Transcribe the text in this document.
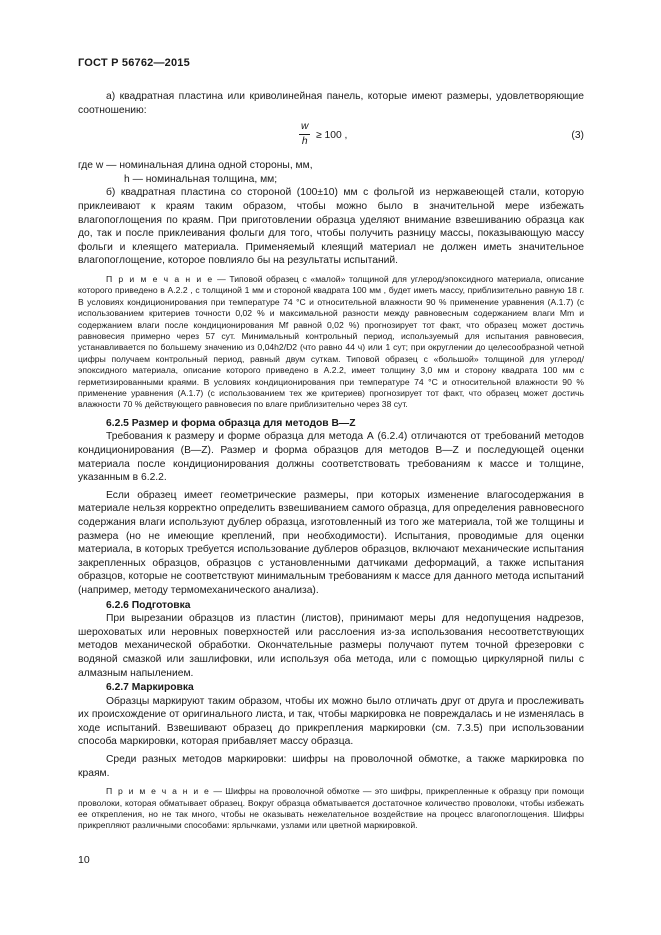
ГОСТ Р 56762—2015

а) квадратная пластина или криволинейная панель, которые имеют размеры, удовлетворяющие соотношению:

$\frac{w}{h} \ge 100$ ,	(3)

где w — номинальная длина одной стороны, мм,

h — номинальная толщина, мм;

б) квадратная пластина со стороной (100±10) мм с фольгой из нержавеющей стали, которую приклеивают к краям таким образом, чтобы можно было в значительной мере избежать влагопоглощения по краям. При приготовлении образца уделяют внимание взвешиванию образца как до, так и после приклеивания фольги для того, чтобы получить разницу массы, показывающую массу фольги и клеящего материала. Применяемый клеящий материал не должен иметь значительное влагопоглощение, которое повлияло бы на результаты испытаний.

П р и м е ч а н и е — Типовой образец с «малой» толщиной для углерод/эпоксидного материала, описание которого приведено в А.2.2 , с толщиной 1 мм и стороной квадрата 100 мм , будет иметь массу, приблизительно равную 18 г. В условиях кондиционирования при температуре 74 °С и относительной влажности 90 % применение уравнения (А.1.7) (с использованием критериев точности 0,02 % и максимальной разности между равновесным содержанием влаги Mm и содержанием влаги после кондиционирования Mf равной 0,02 %) прогнозирует тот факт, что образец может достичь равновесия примерно через 57 сут. Минимальный контрольный период, используемый для испытания равновесия, устанавливается по большему значению из 0,04h2/D2 (что равно 44 ч) или 1 сут; при округлении до целесообразной четной цифры получаем контрольный период, равный двум суткам. Типовой образец с «большой» толщиной для углерод/эпоксидного материала, описание которого приведено в А.2.2, имеет толщину 3,0 мм и сторону квадрата 100 мм с герметизированными краями. В условиях кондиционирования при температуре 74 °С и относительной влажности 90 % применение уравнения (А.1.7) (с использованием тех же критериев) прогнозирует тот факт, что образец может достичь влажности 70 % действующего равновесия по влаге приблизительно через 38 сут.

6.2.5 Размер и форма образца для методов В—Z

Требования к размеру и форме образца для метода А (6.2.4) отличаются от требований методов кондиционирования (В—Z). Размер и форма образцов для методов В—Z и последующей оценки материала после кондиционирования должны соответствовать требованиям к массе и толщине, указанным в 6.2.2.

Если образец имеет геометрические размеры, при которых изменение влагосодержания в материале нельзя корректно определить взвешиванием самого образца, для определения равновесного содержания влаги используют дублер образца, изготовленный из того же материала, той же толщины и размера (но не имеющие креплений, при необходимости). Испытания, проводимые для оценки материала, в которых требуется использование дублеров образцов, включают механические испытания закрепленных образцов, образцов с установленными датчиками деформаций, а также испытания образцов, которые не соответствуют минимальным требованиям к массе для данного метода испытаний (например, методу термомеханического анализа).

6.2.6 Подготовка

При вырезании образцов из пластин (листов), принимают меры для недопущения надрезов, шероховатых или неровных поверхностей или расслоения из-за использования несоответствующих методов механической обработки. Окончательные размеры получают путем точной фрезеровки с водяной смазкой или зашлифовки, или используя оба метода, или с помощью циркулярной пилы с алмазным напылением.

6.2.7 Маркировка

Образцы маркируют таким образом, чтобы их можно было отличать друг от друга и прослеживать их происхождение от оригинального листа, и так, чтобы маркировка не повреждалась и не изменялась в ходе испытаний. Взвешивают образец до прикрепления маркировки (см. 7.3.5) при использовании способа маркировки, которая прибавляет массу образца.

Среди разных методов маркировки: шифры на проволочной обмотке, а также маркировка по краям.

П р и м е ч а н и е — Шифры на проволочной обмотке — это шифры, прикрепленные к образцу при помощи проволоки, которая обматывает образец. Вокруг образца обматывается достаточное количество проволоки, чтобы избежать ее открепления, но не так много, чтобы не оказывать нежелательное воздействие на процесс влагопоглощения. Шифры прикрепляют различными способами: ярлычками, узлами или цветной маркировкой.

10
